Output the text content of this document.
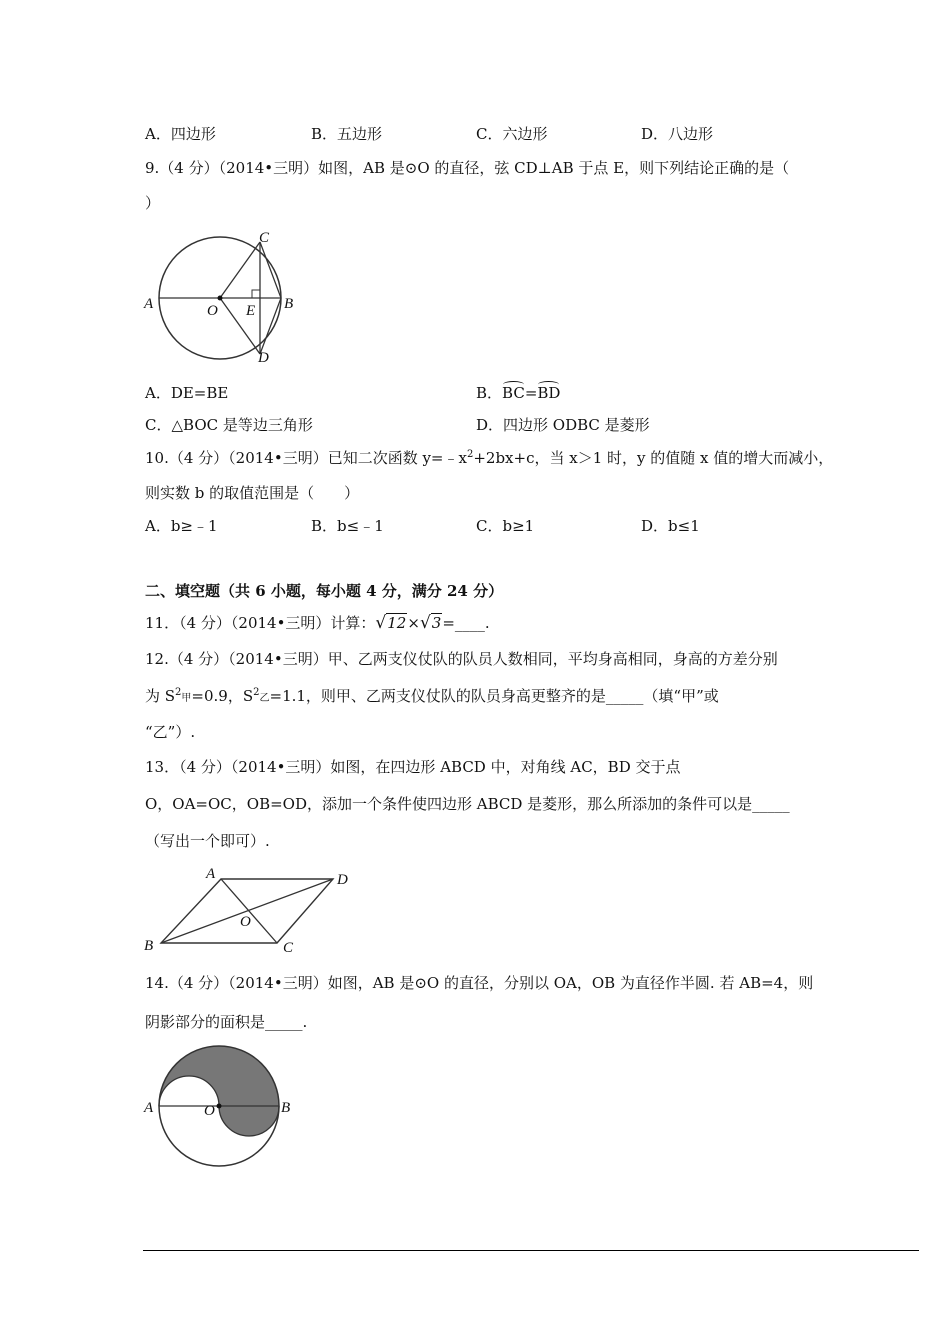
A．四边形	B．五边形	C．六边形	D．八边形
9.（4 分）（2014•三明）如图，AB 是⊙O 的直径，弦 CD⊥AB 于点 E，则下列结论正确的是（
）
A	B
C
D
E
O
A．DE=BE	B．BC=BD
C．△BOC 是等边三角形	D．四边形 ODBC 是菱形
10.（4 分）（2014•三明）已知二次函数 $y=﹣x^2+2bx+c$，当 x＞1 时，y 的值随 x 值的增大而减小，
则实数 b 的取值范围是（　　）
A．b≥﹣1	B．b≤﹣1	C．b≥1	D．b≤1
二、填空题（共 6 小题，每小题 4 分，满分 24 分）
11．（4 分）（2014•三明）计算：√12×√3=____.
12.（4 分）（2014•三明）甲、乙两支仪仗队的队员人数相同，平均身高相同，身高的方差分别
为 $S^2$甲=0.9，$S^2$乙=1.1，则甲、乙两支仪仗队的队员身高更整齐的是_____（填“甲”或
“乙”）.
13．（4 分）（2014•三明）如图，在四边形 ABCD 中，对角线 AC，BD 交于点
O，OA=OC，OB=OD，添加一个条件使四边形 ABCD 是菱形，那么所添加的条件可以是_____
（写出一个即可）.
A
B	C
D
O
14.（4 分）（2014•三明）如图，AB 是⊙O 的直径，分别以 OA，OB 为直径作半圆. 若 AB=4，则
阴影部分的面积是_____.
A	B
O
